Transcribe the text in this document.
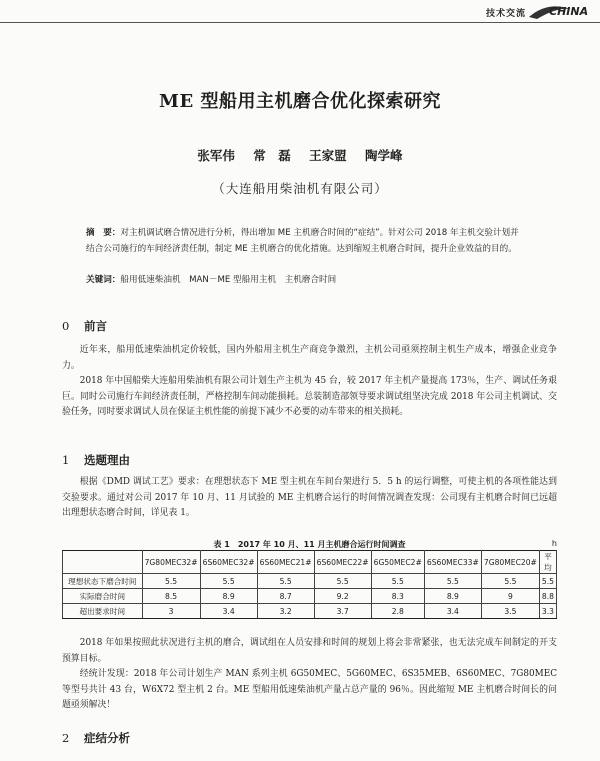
技术交流 CHINA
ME 型船用主机磨合优化探索研究
张军伟 常　磊 王家盟 陶学峰
（大连船用柴油机有限公司）
摘　要：对主机调试磨合情况进行分析，得出增加 ME 主机磨合时间的“症结”。针对公司 2018 年主机交验计划并结合公司施行的车间经济责任制，制定 ME 主机磨合的优化措施。达到缩短主机磨合时间，提升企业效益的目的。
关键词：船用低速柴油机　MAN－ME 型船用主机　主机磨合时间
0 前言

近年来，船用低速柴油机定价较低，国内外船用主机生产商竞争激烈，主机公司亟须控制主机生产成本，增强企业竞争力。

2018 年中国船柴大连船用柴油机有限公司计划生产主机为 45 台，较 2017 年主机产量提高 173％，生产、调试任务艰巨。同时公司施行车间经济责任制，严格控制车间动能損耗。总装制造部领导要求调试组坚决完成 2018 年公司主机调试、交验任务，同时要求调试人员在保证主机性能的前提下减少不必要的动车带来的相关损耗。

1 选题理由

根据《DMD 调试工艺》要求：在理想状态下 ME 型主机在车间台架进行 5．5 h 的运行调整，可使主机的各项性能达到交验要求。通过对公司 2017 年 10 月、11 月试验的 ME 主机磨合运行的时间情况调查发现：公司现有主机磨合时间已远超出理想状态磨合时间，详见表 1。

表 1　2017 年 10 月、11 月主机磨合运行时间调查	h
	7G80MEC32#	6S60MEC32#	6S60MEC21#	6S60MEC22#	6G50MEC2#	6S60MEC33#	7G80MEC20#	平均
理想状态下磨合时间	5.5	5.5	5.5	5.5	5.5	5.5	5.5	5.5
实际磨合时间	8.5	8.9	8.7	9.2	8.3	8.9	9	8.8
超出要求时间	3	3.4	3.2	3.7	2.8	3.4	3.5	3.3

2018 年如果按照此状况进行主机的磨合，调试组在人员安排和时间的规划上将会非常紧张，也无法完成车间制定的开支预算目标。

经统计发现：2018 年公司计划生产 MAN 系列主机 6G50MEC、5G60MEC、6S35MEB、6S60MEC、7G80MEC 等型号共计 43 台，W6X72 型主机 2 台。ME 型船用低速柴油机产量占总产量的 96％。因此缩短 ME 主机磨合时间长的问题亟须解决！

2 症结分析
